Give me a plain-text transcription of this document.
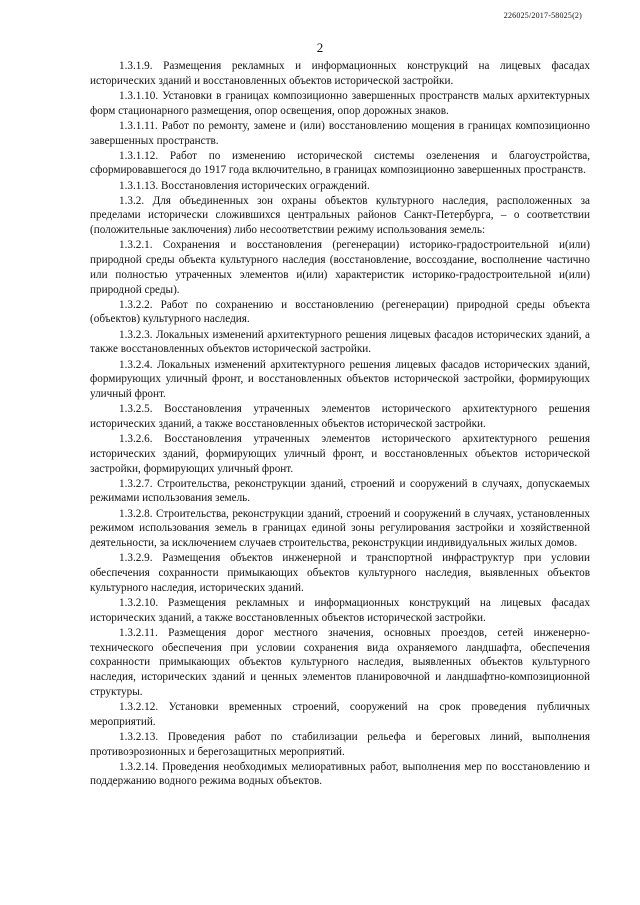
226025/2017-58025(2)
2

1.3.1.9. Размещения рекламных и информационных конструкций на лицевых фасадах исторических зданий и восстановленных объектов исторической застройки.

1.3.1.10. Установки в границах композиционно завершенных пространств малых архитектурных форм стационарного размещения, опор освещения, опор дорожных знаков.

1.3.1.11. Работ по ремонту, замене и (или) восстановлению мощения в границах композиционно завершенных пространств.

1.3.1.12. Работ по изменению исторической системы озеленения и благоустройства, сформировавшегося до 1917 года включительно, в границах композиционно завершенных пространств.

1.3.1.13. Восстановления исторических ограждений.

1.3.2. Для объединенных зон охраны объектов культурного наследия, расположенных за пределами исторически сложившихся центральных районов Санкт-Петербурга, – о соответствии (положительные заключения) либо несоответствии режиму использования земель:

1.3.2.1. Сохранения и восстановления (регенерации) историко-градостроительной и(или) природной среды объекта культурного наследия (восстановление, воссоздание, восполнение частично или полностью утраченных элементов и(или) характеристик историко-градостроительной и(или) природной среды).

1.3.2.2. Работ по сохранению и восстановлению (регенерации) природной среды объекта (объектов) культурного наследия.

1.3.2.3. Локальных изменений архитектурного решения лицевых фасадов исторических зданий, а также восстановленных объектов исторической застройки.

1.3.2.4. Локальных изменений архитектурного решения лицевых фасадов исторических зданий, формирующих уличный фронт, и восстановленных объектов исторической застройки, формирующих уличный фронт.

1.3.2.5. Восстановления утраченных элементов исторического архитектурного решения исторических зданий, а также восстановленных объектов исторической застройки.

1.3.2.6. Восстановления утраченных элементов исторического архитектурного решения исторических зданий, формирующих уличный фронт, и восстановленных объектов исторической застройки, формирующих уличный фронт.

1.3.2.7. Строительства, реконструкции зданий, строений и сооружений в случаях, допускаемых режимами использования земель.

1.3.2.8. Строительства, реконструкции зданий, строений и сооружений в случаях, установленных режимом использования земель в границах единой зоны регулирования застройки и хозяйственной деятельности, за исключением случаев строительства, реконструкции индивидуальных жилых домов.

1.3.2.9. Размещения объектов инженерной и транспортной инфраструктур при условии обеспечения сохранности примыкающих объектов культурного наследия, выявленных объектов культурного наследия, исторических зданий.

1.3.2.10. Размещения рекламных и информационных конструкций на лицевых фасадах исторических зданий, а также восстановленных объектов исторической застройки.

1.3.2.11. Размещения дорог местного значения, основных проездов, сетей инженерно-технического обеспечения при условии сохранения вида охраняемого ландшафта, обеспечения сохранности примыкающих объектов культурного наследия, выявленных объектов культурного наследия, исторических зданий и ценных элементов планировочной и ландшафтно-композиционной структуры.

1.3.2.12. Установки временных строений, сооружений на срок проведения публичных мероприятий.

1.3.2.13. Проведения работ по стабилизации рельефа и береговых линий, выполнения противоэрозионных и берегозащитных мероприятий.

1.3.2.14. Проведения необходимых мелиоративных работ, выполнения мер по восстановлению и поддержанию водного режима водных объектов.
